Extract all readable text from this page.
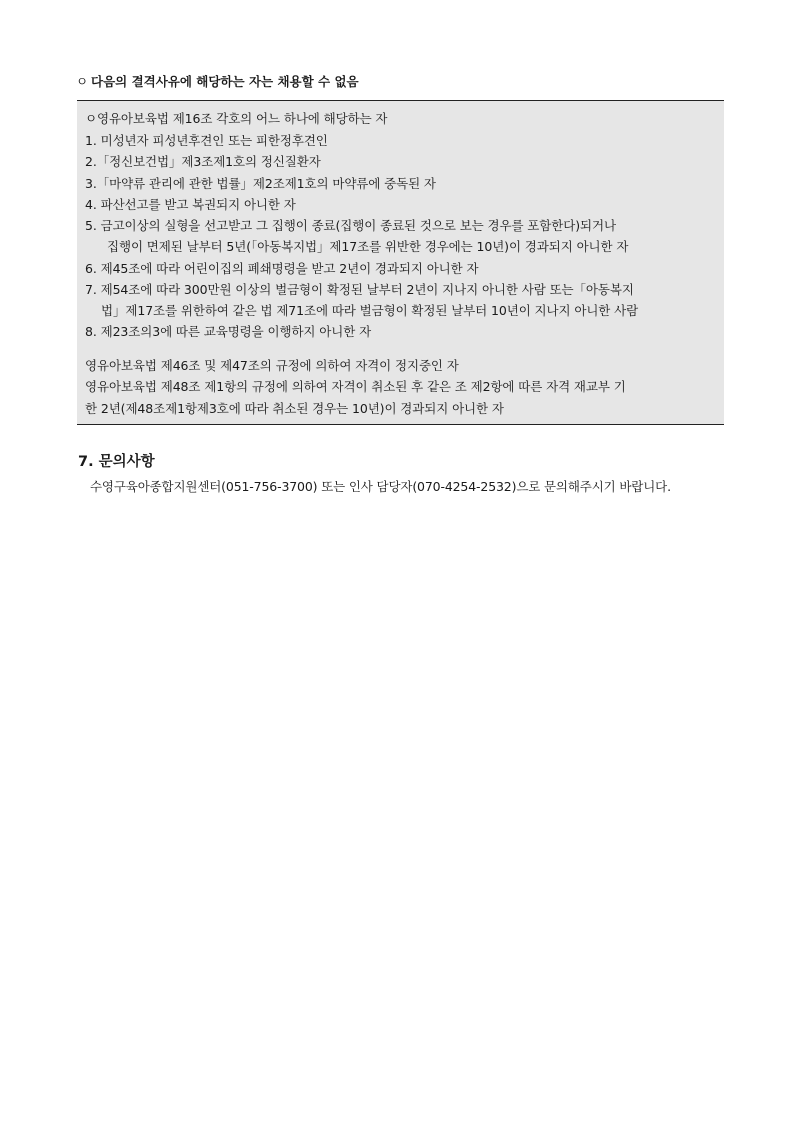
ㅇ 다음의 결격사유에 해당하는 자는 채용할 수 없음
ㅇ영유아보육법 제16조 각호의 어느 하나에 해당하는 자
1. 미성년자 피성년후견인 또는 피한정후견인
2.「정신보건법」제3조제1호의 정신질환자
3.「마약류 관리에 관한 법률」제2조제1호의 마약류에 중독된 자
4. 파산선고를 받고 복권되지 아니한 자
5. 금고이상의 실형을 선고받고 그 집행이 종료(집행이 종료된 것으로 보는 경우를 포함한다)되거나
집행이 면제된 날부터 5년(「아동복지법」제17조를 위반한 경우에는 10년)이 경과되지 아니한 자
6. 제45조에 따라 어린이집의 폐쇄명령을 받고 2년이 경과되지 아니한 자
7. 제54조에 따라 300만원 이상의 벌금형이 확정된 날부터 2년이 지나지 아니한 사람 또는「아동복지
법」제17조를 위한하여 같은 법 제71조에 따라 벌금형이 확정된 날부터 10년이 지나지 아니한 사람
8. 제23조의3에 따른 교육명령을 이행하지 아니한 자
영유아보육법 제46조 및 제47조의 규정에 의하여 자격이 정지중인 자
영유아보육법 제48조 제1항의 규정에 의하여 자격이 취소된 후 같은 조 제2항에 따른 자격 재교부 기
한 2년(제48조제1항제3호에 따라 취소된 경우는 10년)이 경과되지 아니한 자
7. 문의사항
수영구육아종합지원센터(051-756-3700) 또는 인사 담당자(070-4254-2532)으로 문의해주시기 바랍니다.
